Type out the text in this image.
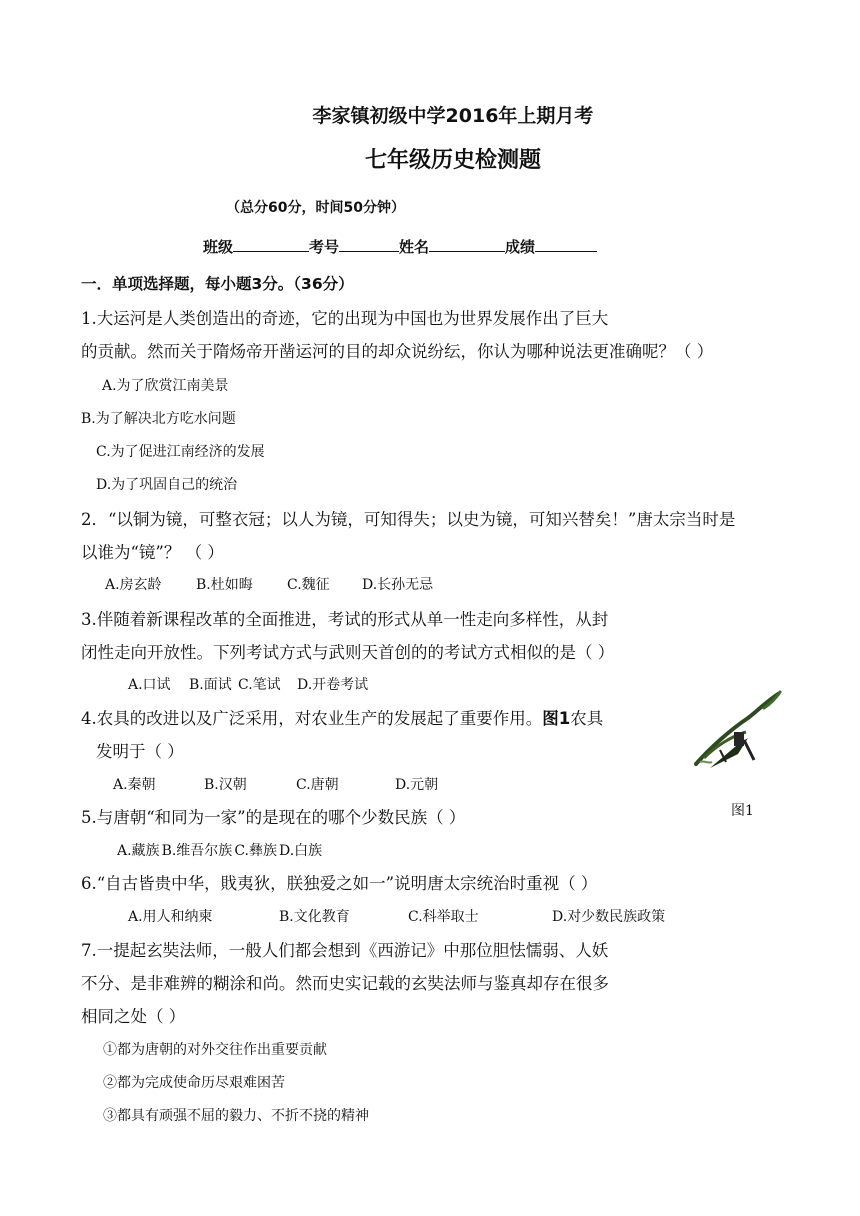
李家镇初级中学2016年上期月考
七年级历史检测题
（总分60分，时间50分钟）
班级	考号	姓名	成绩
一．单项选择题，每小题3分。（36分）
1.大运河是人类创造出的奇迹，它的出现为中国也为世界发展作出了巨大
的贡献。然而关于隋炀帝开凿运河的目的却众说纷纭，你认为哪种说法更准确呢？（ ）
A.为了欣赏江南美景
B.为了解决北方吃水问题
C.为了促进江南经济的发展
D.为了巩固自己的统治
2．“以铜为镜，可整衣冠；以人为镜，可知得失；以史为镜，可知兴替矣！”唐太宗当时是
以谁为“镜”？ （ ）
A.房玄龄 B.杜如晦 C.魏征 D.长孙无忌
3.伴随着新课程改革的全面推进，考试的形式从单一性走向多样性，从封
闭性走向开放性。下列考试方式与武则天首创的的考试方式相似的是（ ）
A.口试 B.面试 C.笔试 D.开卷考试
4.农具的改进以及广泛采用，对农业生产的发展起了重要作用。图1农具
发明于（ ）
A.秦朝	B.汉朝	C.唐朝	D.元朝
图1
5.与唐朝“和同为一家”的是现在的哪个少数民族（ ）
A.藏族 B.维吾尔族 C.彝族 D.白族
6.“自古皆贵中华，戝夷狄，朕独爱之如一”说明唐太宗统治时重视（ ）
A.用人和纳柬	B.文化教育	C.科举取士	D.对少数民族政策
7.一提起玄奘法师，一般人们都会想到《西游记》中那位胆怯懦弱、人妖
不分、是非难辨的糊涂和尚。然而史实记载的玄奘法师与鉴真却存在很多
相同之处（ ）
①都为唐朝的对外交往作出重要贡献
②都为完成使命历尽艰难困苦
③都具有顽强不屈的毅力、不折不挠的精神
